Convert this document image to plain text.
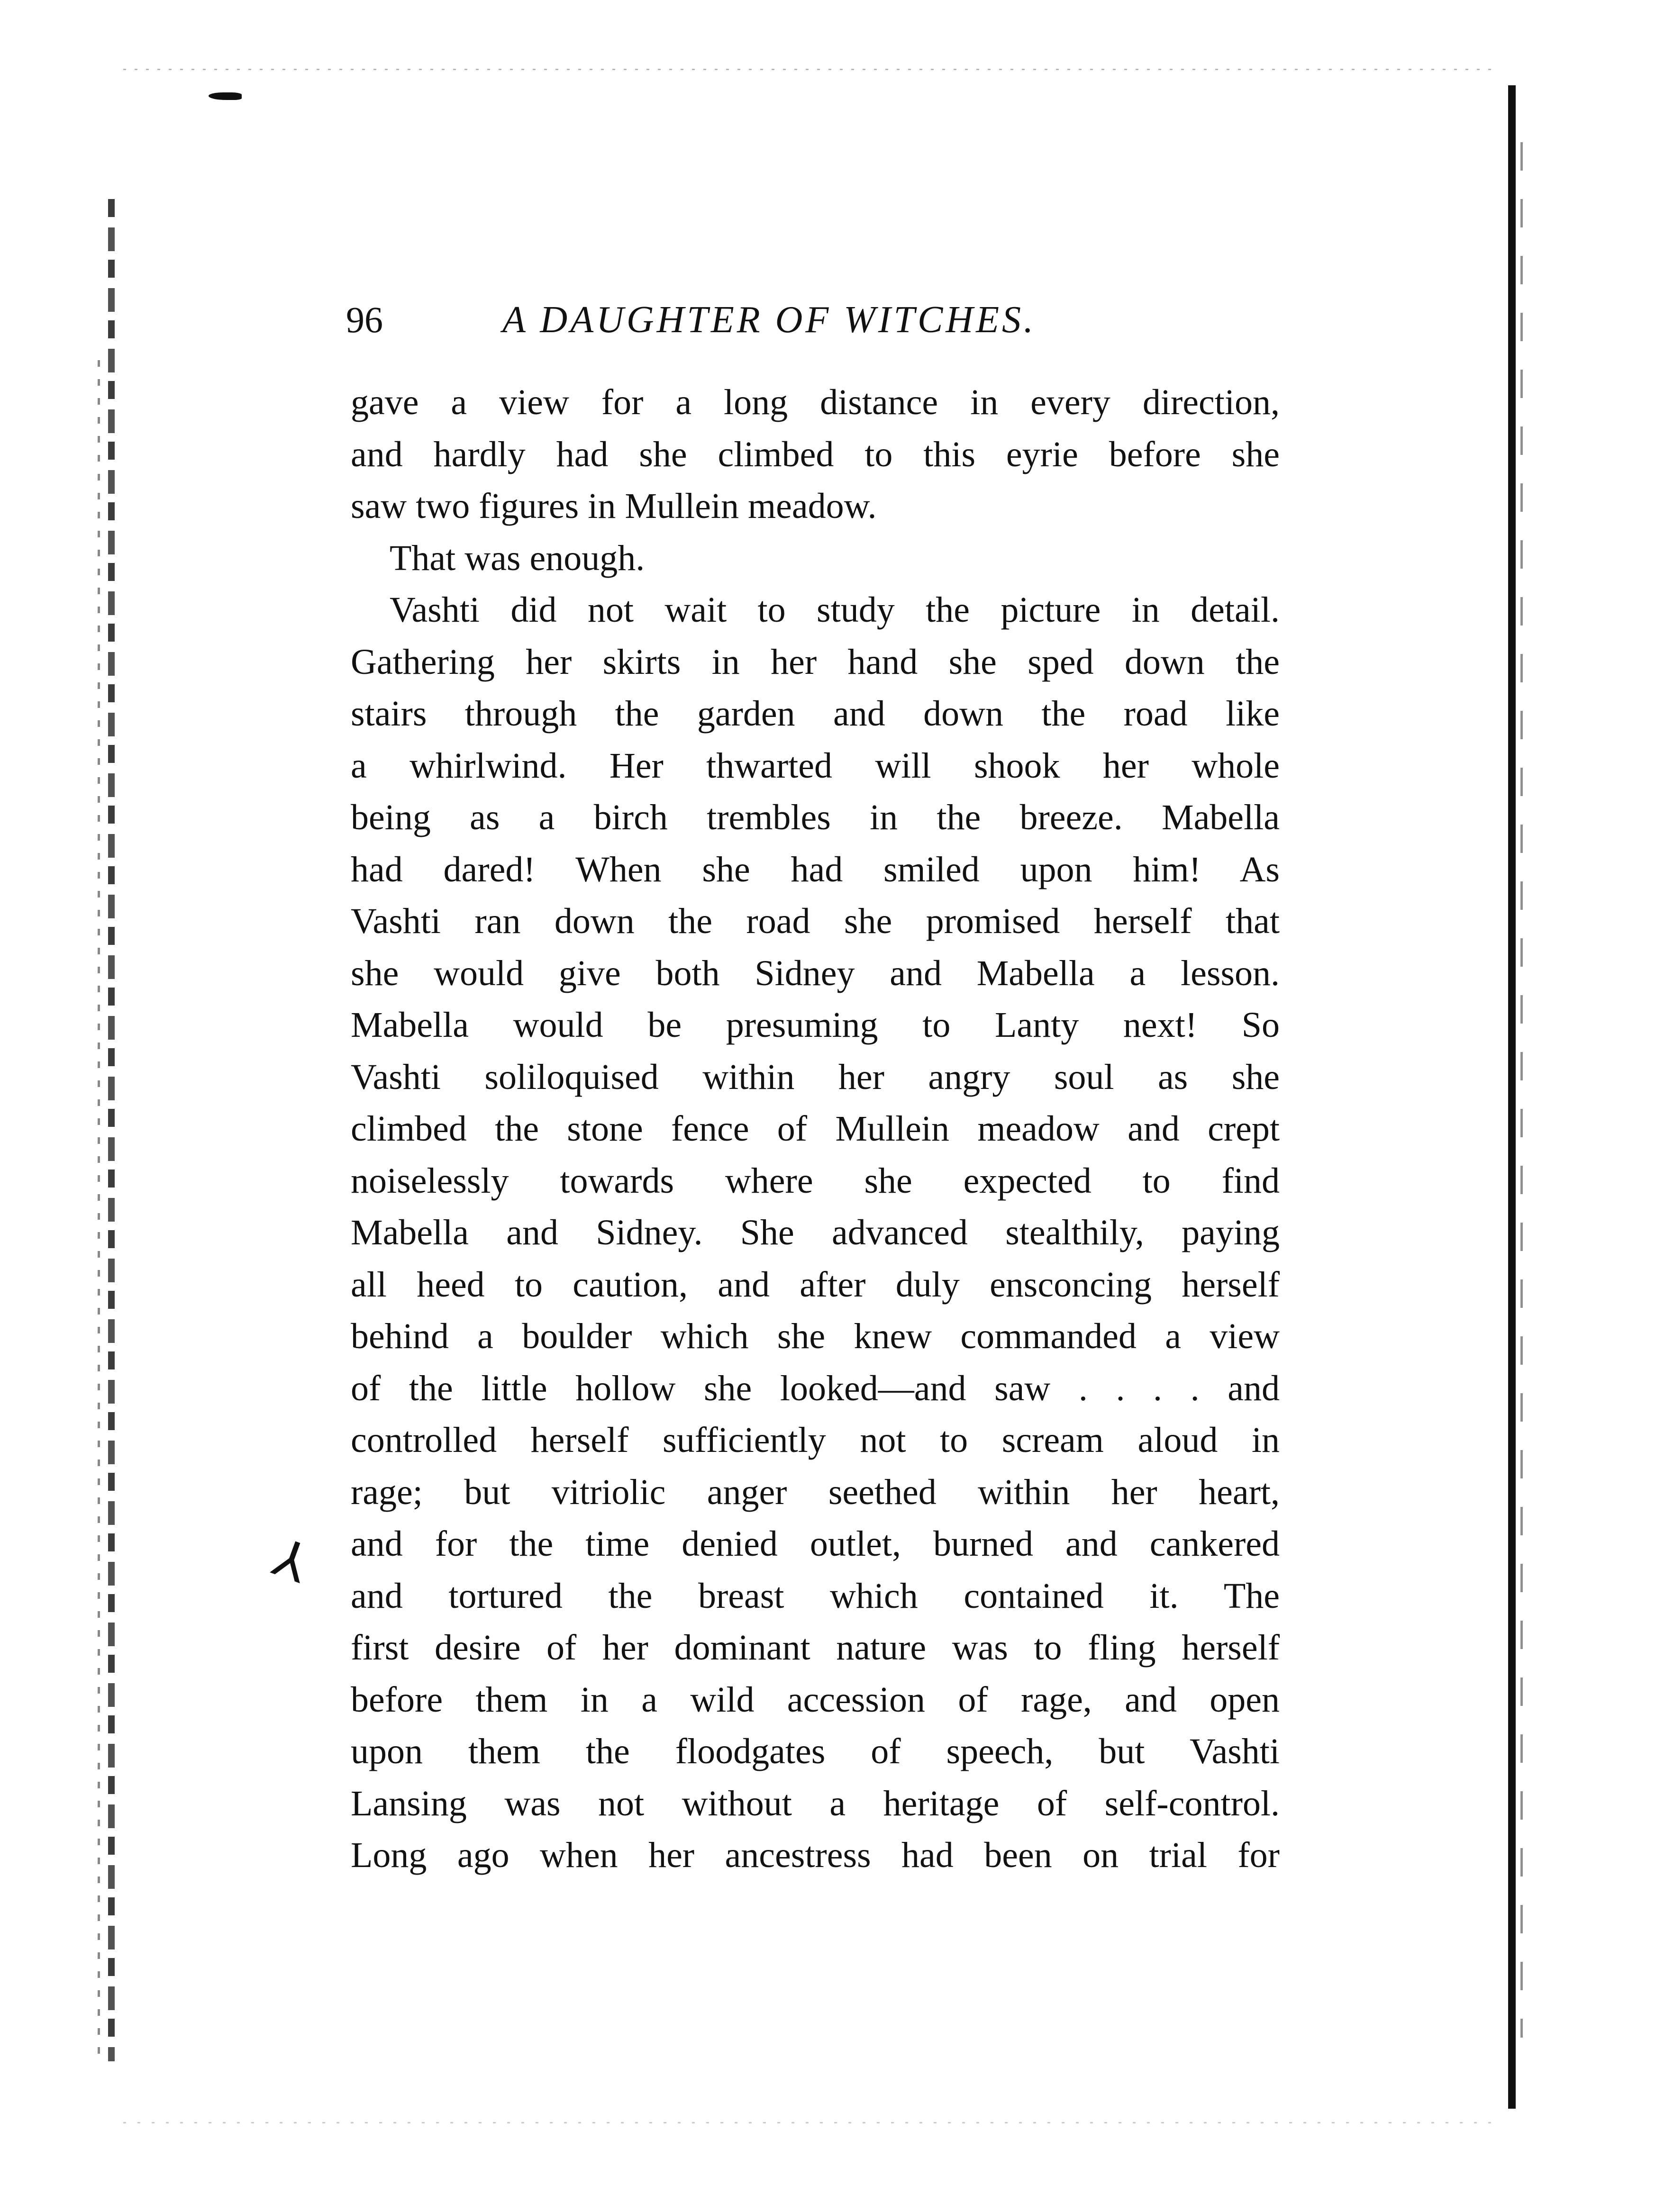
96	A DAUGHTER OF WITCHES.
⅄
gave a view for a long distance in every direction,
and hardly had she climbed to this eyrie before she
saw two figures in Mullein meadow.
That was enough.
Vashti did not wait to study the picture in detail.
Gathering her skirts in her hand she sped down the
stairs through the garden and down the road like
a whirlwind. Her thwarted will shook her whole
being as a birch trembles in the breeze. Mabella
had dared! When she had smiled upon him! As
Vashti ran down the road she promised herself that
she would give both Sidney and Mabella a lesson.
Mabella would be presuming to Lanty next! So
Vashti soliloquised within her angry soul as she
climbed the stone fence of Mullein meadow and crept
noiselessly towards where she expected to find
Mabella and Sidney. She advanced stealthily, paying
all heed to caution, and after duly ensconcing herself
behind a boulder which she knew commanded a view
of the little hollow she looked—and saw . . . . and
controlled herself sufficiently not to scream aloud in
rage; but vitriolic anger seethed within her heart,
and for the time denied outlet, burned and cankered
and tortured the breast which contained it. The
first desire of her dominant nature was to fling herself
before them in a wild accession of rage, and open
upon them the floodgates of speech, but Vashti
Lansing was not without a heritage of self-control.
Long ago when her ancestress had been on trial for
